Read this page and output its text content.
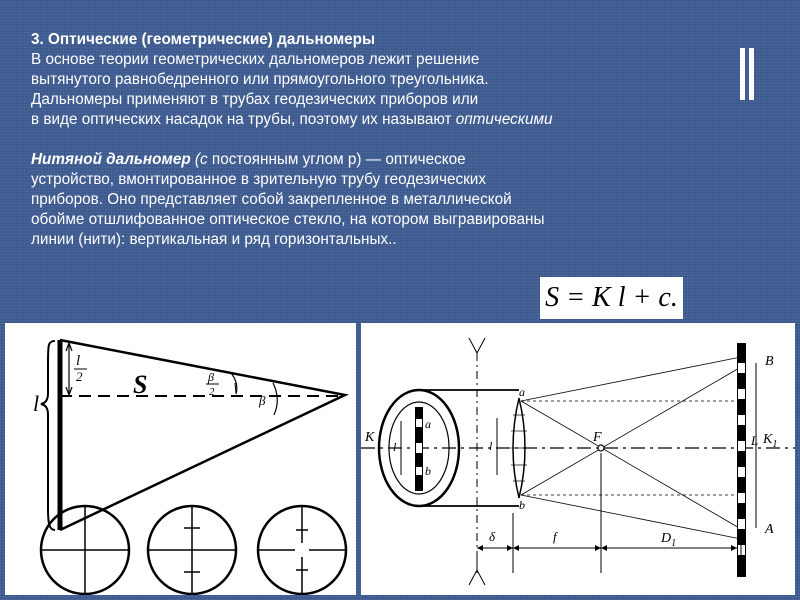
3. Оптические (геометрические) дальномеры
В основе теории геометрических дальномеров лежит решение
вытянутого равнобедренного или прямоугольного треугольника.
Дальномеры применяют в трубах геодезических приборов или
в виде оптических насадок на трубы, поэтому их называют оптическими
Нитяной дальномер (с постоянным углом р) — оптическое
устройство, вмонтированное в зрительную трубу геодезических
приборов. Оно представляет собой закрепленное в металлической
обойме отшлифованное оптическое стекло, на котором выгравированы
линии (нити): вертикальная и ряд горизонтальных..
S = K l + c.
l
l
2 S	β
2
β
K
l
a
b
l
a
b
F
B
A
L $K_1$
δ	f	$D_1$
